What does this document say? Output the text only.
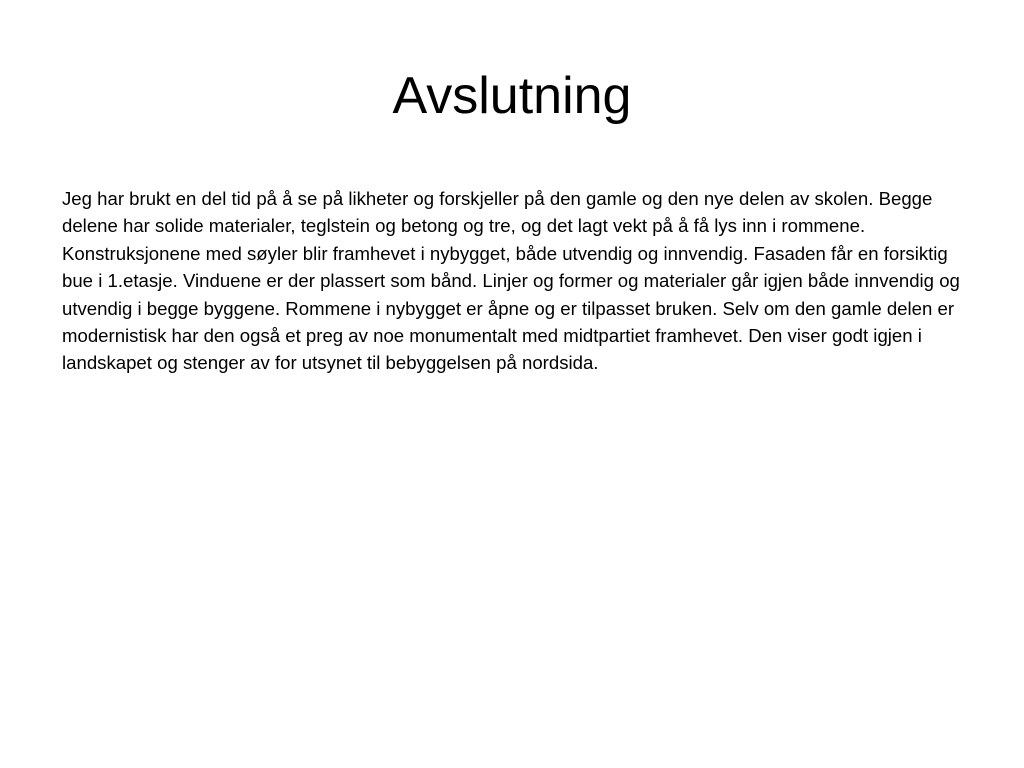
Avslutning

Jeg har brukt en del tid på å se på likheter og forskjeller på den gamle og den nye delen av skolen. Begge delene har solide materialer, teglstein og betong og tre, og det lagt vekt på å få lys inn i rommene. Konstruksjonene med søyler blir framhevet i nybygget, både utvendig og innvendig. Fasaden får en forsiktig bue i 1.etasje. Vinduene er der plassert som bånd. Linjer og former og materialer går igjen både innvendig og utvendig i begge byggene. Rommene i nybygget er åpne og er tilpasset bruken. Selv om den gamle delen er modernistisk har den også et preg av noe monumentalt med midtpartiet framhevet. Den viser godt igjen i landskapet og stenger av for utsynet til bebyggelsen på nordsida.
